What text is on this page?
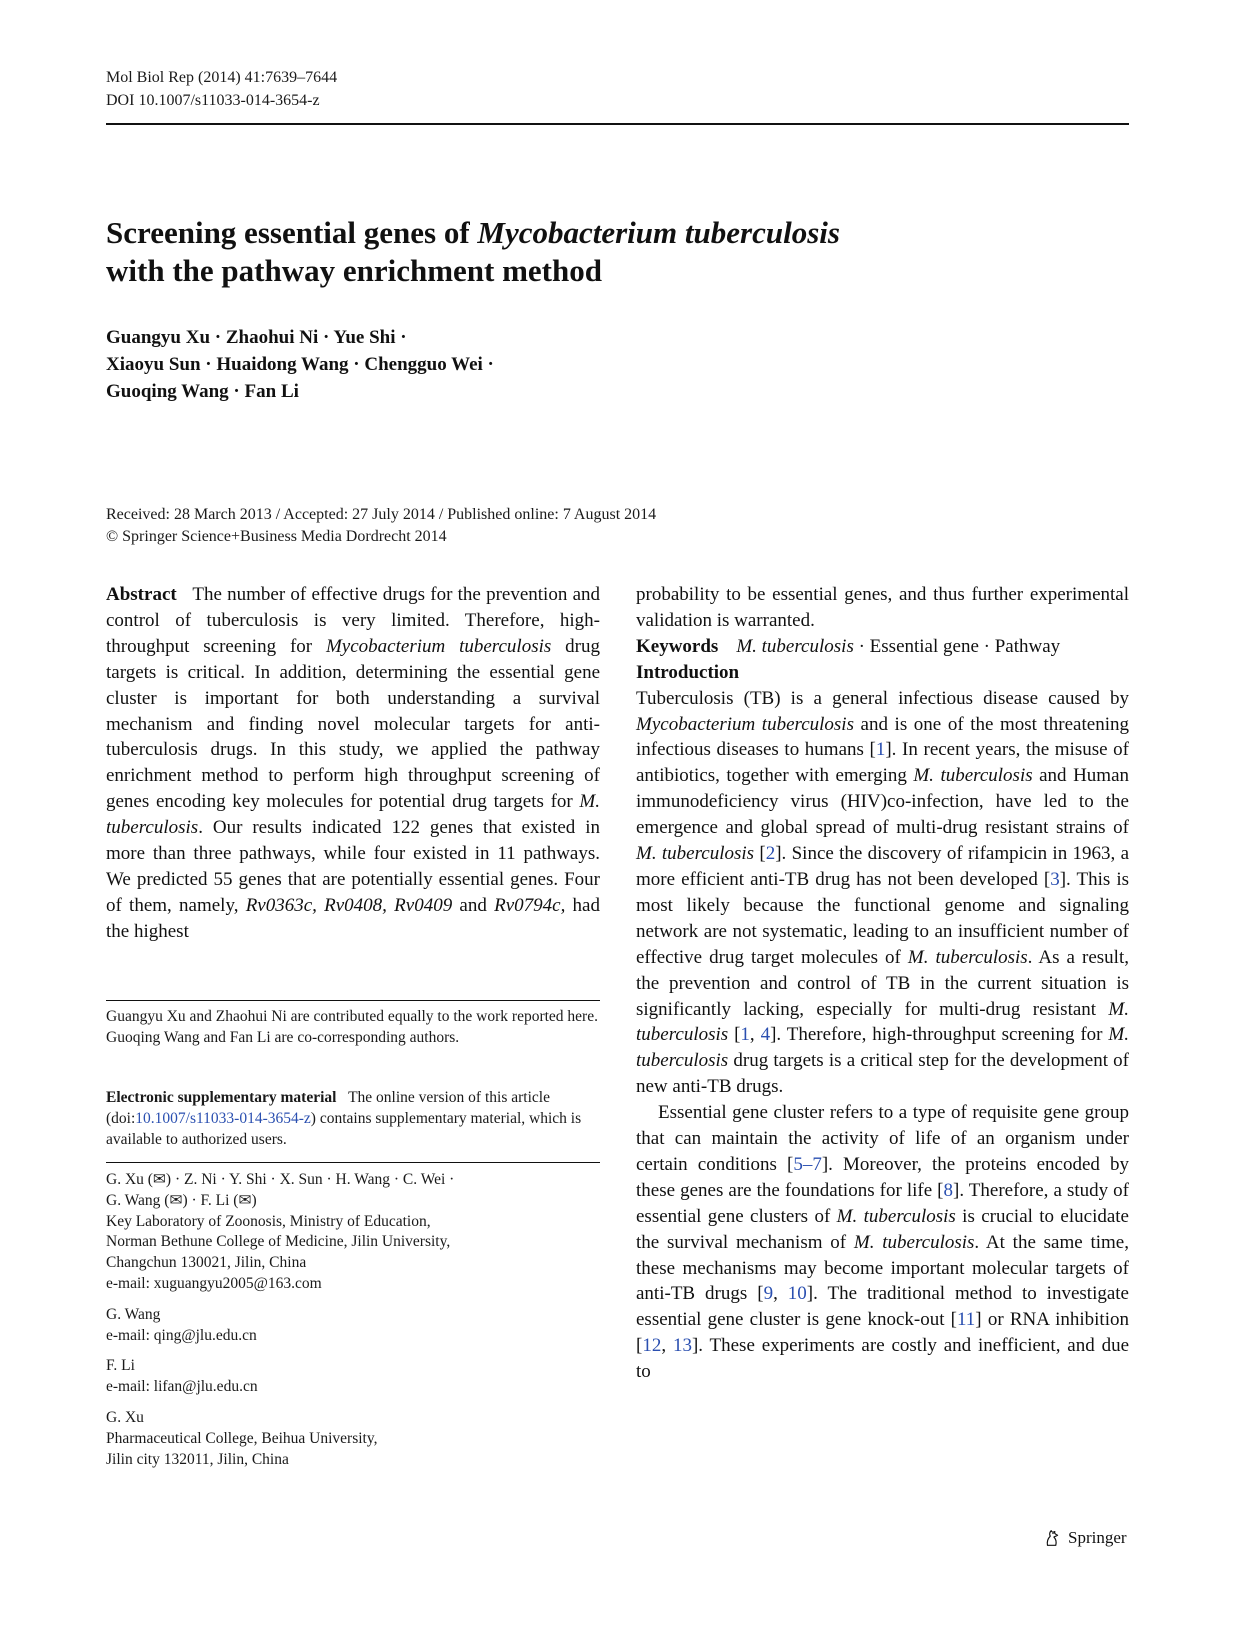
Mol Biol Rep (2014) 41:7639–7644
DOI 10.1007/s11033-014-3654-z
Screening essential genes of Mycobacterium tuberculosis
with the pathway enrichment method
Guangyu Xu · Zhaohui Ni · Yue Shi ·
Xiaoyu Sun · Huaidong Wang · Chengguo Wei ·
Guoqing Wang · Fan Li
Received: 28 March 2013 / Accepted: 27 July 2014 / Published online: 7 August 2014
© Springer Science+Business Media Dordrecht 2014

Abstract The number of effective drugs for the prevention and control of tuberculosis is very limited. Therefore, high-throughput screening for Mycobacterium tuberculosis drug targets is critical. In addition, determining the essential gene cluster is important for both understanding a survival mechanism and finding novel molecular targets for anti-tuberculosis drugs. In this study, we applied the pathway enrichment method to perform high throughput screening of genes encoding key molecules for potential drug targets for M. tuberculosis. Our results indicated 122 genes that existed in more than three pathways, while four existed in 11 pathways. We predicted 55 genes that are potentially essential genes. Four of them, namely, Rv0363c, Rv0408, Rv0409 and Rv0794c, had the highest

Guangyu Xu and Zhaohui Ni are contributed equally to the work reported here. Guoqing Wang and Fan Li are co-corresponding authors.

Electronic supplementary material The online version of this article (doi:10.1007/s11033-014-3654-z) contains supplementary material, which is available to authorized users.

G. Xu (✉) · Z. Ni · Y. Shi · X. Sun · H. Wang · C. Wei ·

G. Wang (✉) · F. Li (✉)

Key Laboratory of Zoonosis, Ministry of Education,

Norman Bethune College of Medicine, Jilin University,

Changchun 130021, Jilin, China

e-mail: xuguangyu2005@163.com

G. Wang

e-mail: qing@jlu.edu.cn

F. Li

e-mail: lifan@jlu.edu.cn

G. Xu

Pharmaceutical College, Beihua University,

Jilin city 132011, Jilin, China

probability to be essential genes, and thus further experimental validation is warranted.

Keywords M. tuberculosis · Essential gene · Pathway

Introduction

Tuberculosis (TB) is a general infectious disease caused by Mycobacterium tuberculosis and is one of the most threatening infectious diseases to humans [1]. In recent years, the misuse of antibiotics, together with emerging M. tuberculosis and Human immunodeficiency virus (HIV)co-infection, have led to the emergence and global spread of multi-drug resistant strains of M. tuberculosis [2]. Since the discovery of rifampicin in 1963, a more efficient anti-TB drug has not been developed [3]. This is most likely because the functional genome and signaling network are not systematic, leading to an insufficient number of effective drug target molecules of M. tuberculosis. As a result, the prevention and control of TB in the current situation is significantly lacking, especially for multi-drug resistant M. tuberculosis [1, 4]. Therefore, high-throughput screening for M. tuberculosis drug targets is a critical step for the development of new anti-TB drugs.

Essential gene cluster refers to a type of requisite gene group that can maintain the activity of life of an organism under certain conditions [5–7]. Moreover, the proteins encoded by these genes are the foundations for life [8]. Therefore, a study of essential gene clusters of M. tuberculosis is crucial to elucidate the survival mechanism of M. tuberculosis. At the same time, these mechanisms may become important molecular targets of anti-TB drugs [9, 10]. The traditional method to investigate essential gene cluster is gene knock-out [11] or RNA inhibition [12, 13]. These experiments are costly and inefficient, and due to

Springer
